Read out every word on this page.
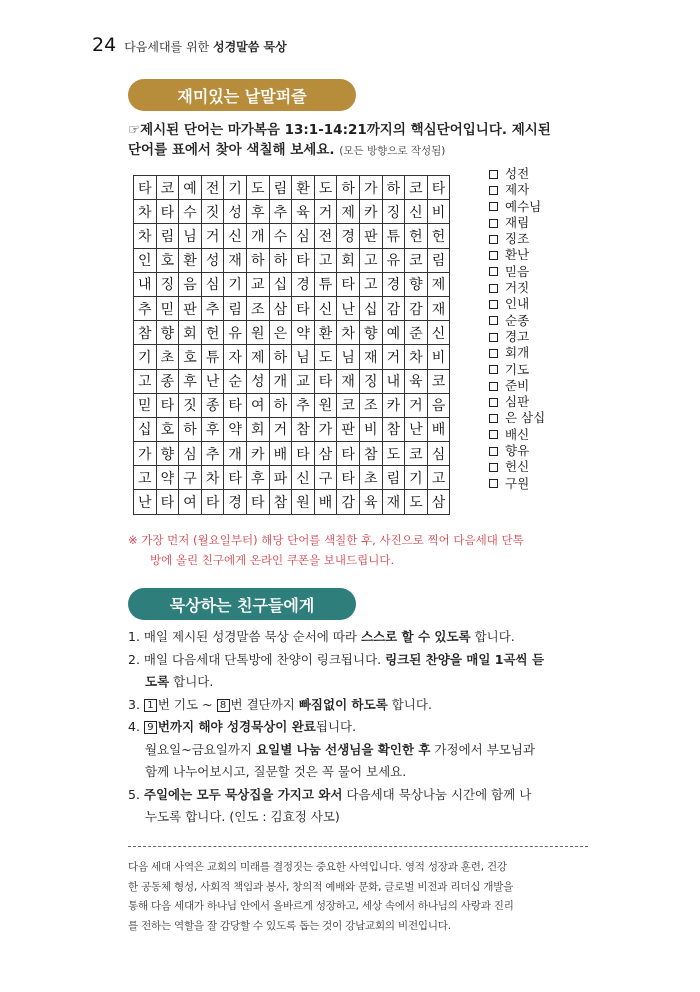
24 다음세대를 위한 성경말씀 묵상
재미있는 낱말퍼즐
☞제시된 단어는 마가복음 13:1-14:21까지의 핵심단어입니다. 제시된
단어를 표에서 찾아 색칠해 보세요. (모든 방향으로 작성됨)
타	코	예	전	기	도	림	환	도	하	가	하	코	타
차	타	수	짓	성	후	추	육	거	제	카	징	신	비
차	림	님	거	신	개	수	심	전	경	판	튜	헌	헌
인	호	환	성	재	하	하	타	고	회	고	유	코	림
내	징	음	심	기	교	십	경	튜	타	고	경	향	제
추	믿	판	추	림	조	삼	타	신	난	십	감	감	재
참	향	회	헌	유	원	은	약	환	차	향	예	준	신
기	초	호	튜	자	제	하	님	도	님	재	거	차	비
고	종	후	난	순	성	개	교	타	재	징	내	육	코
믿	타	짓	종	타	여	하	추	원	코	조	카	거	음
십	호	하	후	약	회	거	참	가	판	비	참	난	배
가	향	심	추	개	카	배	타	삼	타	참	도	코	심
고	약	구	차	타	후	파	신	구	타	초	림	기	고
난	타	여	타	경	타	참	원	배	감	육	재	도	삼
성전
제자
예수님
재림
징조
환난
믿음
거짓
인내
순종
경고
회개
기도
준비
심판
은 삼십
배신
향유
헌신
구원
※ 가장 먼저 (월요일부터) 해당 단어를 색칠한 후, 사진으로 찍어 다음세대 단톡
방에 올린 친구에게 온라인 쿠폰을 보내드립니다.
묵상하는 친구들에게
1. 매일 제시된 성경말씀 묵상 순서에 따라 스스로 할 수 있도록 합니다.
2. 매일 다음세대 단톡방에 찬양이 링크됩니다. 링크된 찬양을 매일 1곡씩 듣
도록 합니다.
3. 1 번 기도 ~ 8 번 결단까지 빠짐없이 하도록 합니다.
4. 9 번까지 해야 성경묵상이 완료됩니다.
월요일~금요일까지 요일별 나눔 선생님을 확인한 후 가정에서 부모님과
함께 나누어보시고, 질문할 것은 꼭 물어 보세요.
5. 주일에는 모두 묵상집을 가지고 와서 다음세대 묵상나눔 시간에 함께 나
누도록 합니다. (인도 : 김효정 사모)
다음 세대 사역은 교회의 미래를 결정짓는 중요한 사역입니다. 영적 성장과 훈련, 건강
한 공동체 형성, 사회적 책임과 봉사, 창의적 예배와 문화, 글로벌 비전과 리더십 개발을
통해 다음 세대가 하나님 안에서 올바르게 성장하고, 세상 속에서 하나님의 사랑과 진리
를 전하는 역할을 잘 감당할 수 있도록 돕는 것이 강남교회의 비전입니다.
